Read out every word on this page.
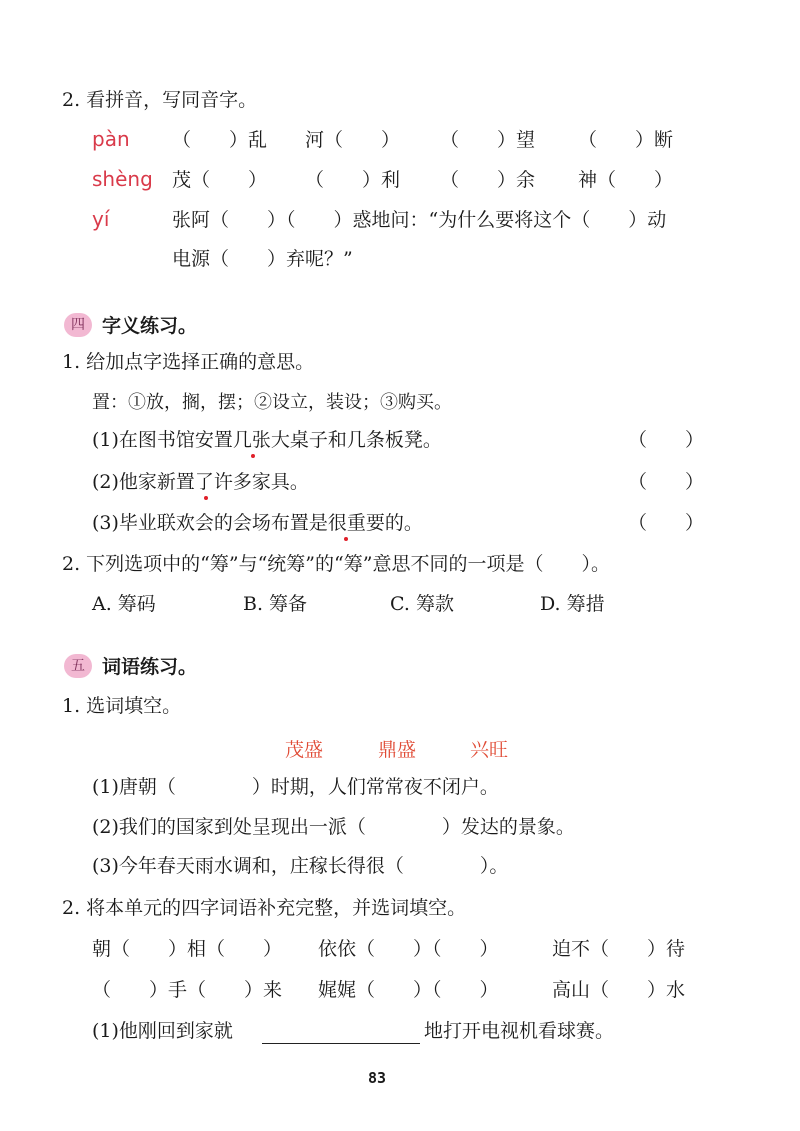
2. 看拼音，写同音字。
pàn （　　）乱 河（　　） （　　）望 （　　）断
shèng 茂（　　） （　　）利 （　　）余 神（　　）
yí	张阿（　　）（　　）惑地问：“为什么要将这个（　　）动
电源（　　）弃呢？”
四 字义练习。
1. 给加点字选择正确的意思。
置：①放，搁，摆；②设立，装设；③购买。
(1)在图书馆安置几张大桌子和几条板凳。	（　　）
(2)他家新置了许多家具。	（　　）
(3)毕业联欢会的会场布置是很重要的。	（　　）
2. 下列选项中的“筹”与“统筹”的“筹”意思不同的一项是（　　）。
A. 筹码	B. 筹备	C. 筹款	D. 筹措
五 词语练习。
1. 选词填空。
茂盛	鼎盛	兴旺
(1)唐朝（　　　　）时期，人们常常夜不闭户。
(2)我们的国家到处呈现出一派（　　　　）发达的景象。
(3)今年春天雨水调和，庄稼长得很（　　　　）。
2. 将本单元的四字词语补充完整，并选词填空。
朝（　　）相（　　） 依依（　　）（　　）	迫不（　　）待
（　　）手（　　）来 娓娓（　　）（　　）	高山（　　）水
(1)他刚回到家就	地打开电视机看球赛。
83
